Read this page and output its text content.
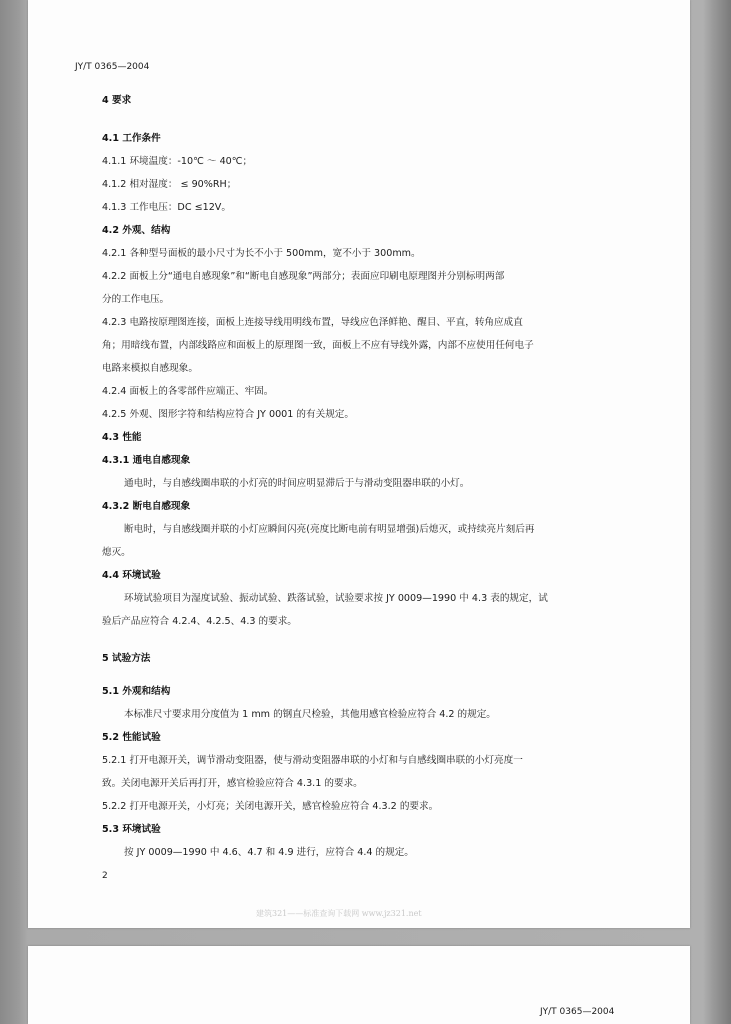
JY/T 0365—2004
4 要求
4.1 工作条件
4.1.1 环境温度：-10℃ ～ 40℃；
4.1.2 相对湿度： ≤ 90%RH；
4.1.3 工作电压：DC ≤12V。
4.2 外观、结构
4.2.1 各种型号面板的最小尺寸为长不小于 500mm，宽不小于 300mm。
4.2.2 面板上分“通电自感现象”和“断电自感现象”两部分；表面应印刷电原理图并分别标明两部
分的工作电压。
4.2.3 电路按原理图连接，面板上连接导线用明线布置，导线应色泽鲜艳、醒目、平直，转角应成直
角；用暗线布置，内部线路应和面板上的原理图一致，面板上不应有导线外露，内部不应使用任何电子
电路来模拟自感现象。
4.2.4 面板上的各零部件应端正、牢固。
4.2.5 外观、图形字符和结构应符合 JY 0001 的有关规定。
4.3 性能
4.3.1 通电自感现象
通电时，与自感线圈串联的小灯亮的时间应明显滞后于与滑动变阻器串联的小灯。
4.3.2 断电自感现象
断电时，与自感线圈并联的小灯应瞬间闪亮(亮度比断电前有明显增强)后熄灭，或持续亮片刻后再
熄灭。
4.4 环境试验
环境试验项目为湿度试验、振动试验、跌落试验，试验要求按 JY 0009—1990 中 4.3 表的规定，试
验后产品应符合 4.2.4、4.2.5、4.3 的要求。
5 试验方法
5.1 外观和结构
本标准尺寸要求用分度值为 1 mm 的钢直尺检验，其他用感官检验应符合 4.2 的规定。
5.2 性能试验
5.2.1 打开电源开关，调节滑动变阻器，使与滑动变阻器串联的小灯和与自感线圈串联的小灯亮度一
致。关闭电源开关后再打开，感官检验应符合 4.3.1 的要求。
5.2.2 打开电源开关，小灯亮；关闭电源开关，感官检验应符合 4.3.2 的要求。
5.3 环境试验
按 JY 0009—1990 中 4.6、4.7 和 4.9 进行，应符合 4.4 的规定。
2
建筑321——标准查询下载网 www.jz321.net
JY/T 0365—2004
